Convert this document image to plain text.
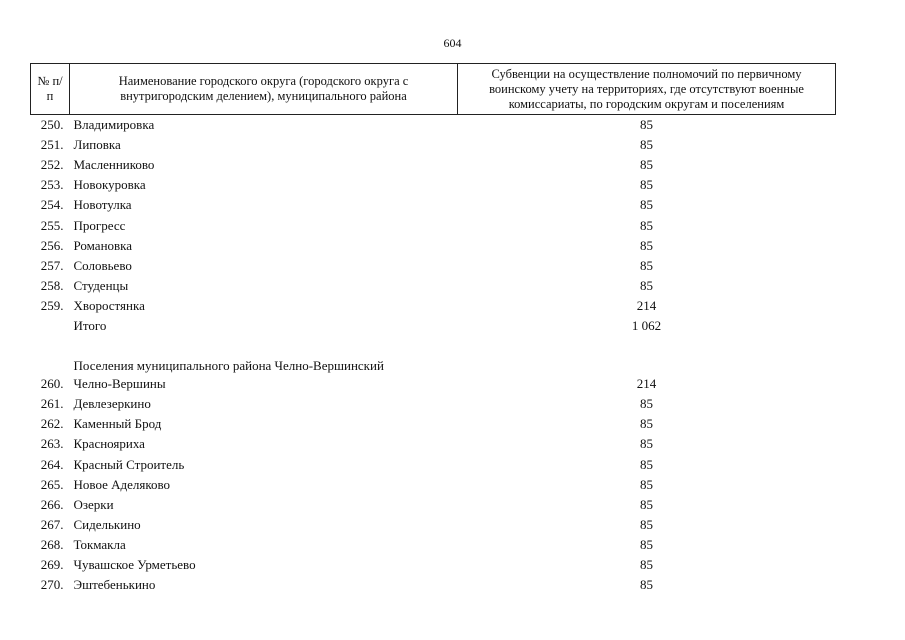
604
№ п/п	Наименование городского округа (городского округа с внутригородским делением), муниципального района	Субвенции на осуществление полномочий по первичному воинскому учету на территориях, где отсутствуют военные комиссариаты, по городским округам и поселениям
250.	Владимировка	85
251.	Липовка	85
252.	Масленниково	85
253.	Новокуровка	85
254.	Новотулка	85
255.	Прогресс	85
256.	Романовка	85
257.	Соловьево	85
258.	Студенцы	85
259.	Хворостянка	214
	Итого	1 062
	Поселения муниципального района Челно-Вершинский	
260.	Челно-Вершины	214
261.	Девлезеркино	85
262.	Каменный Брод	85
263.	Краснояриха	85
264.	Красный Строитель	85
265.	Новое Аделяково	85
266.	Озерки	85
267.	Сиделькино	85
268.	Токмакла	85
269.	Чувашское Урметьево	85
270.	Эштебенькино	85
